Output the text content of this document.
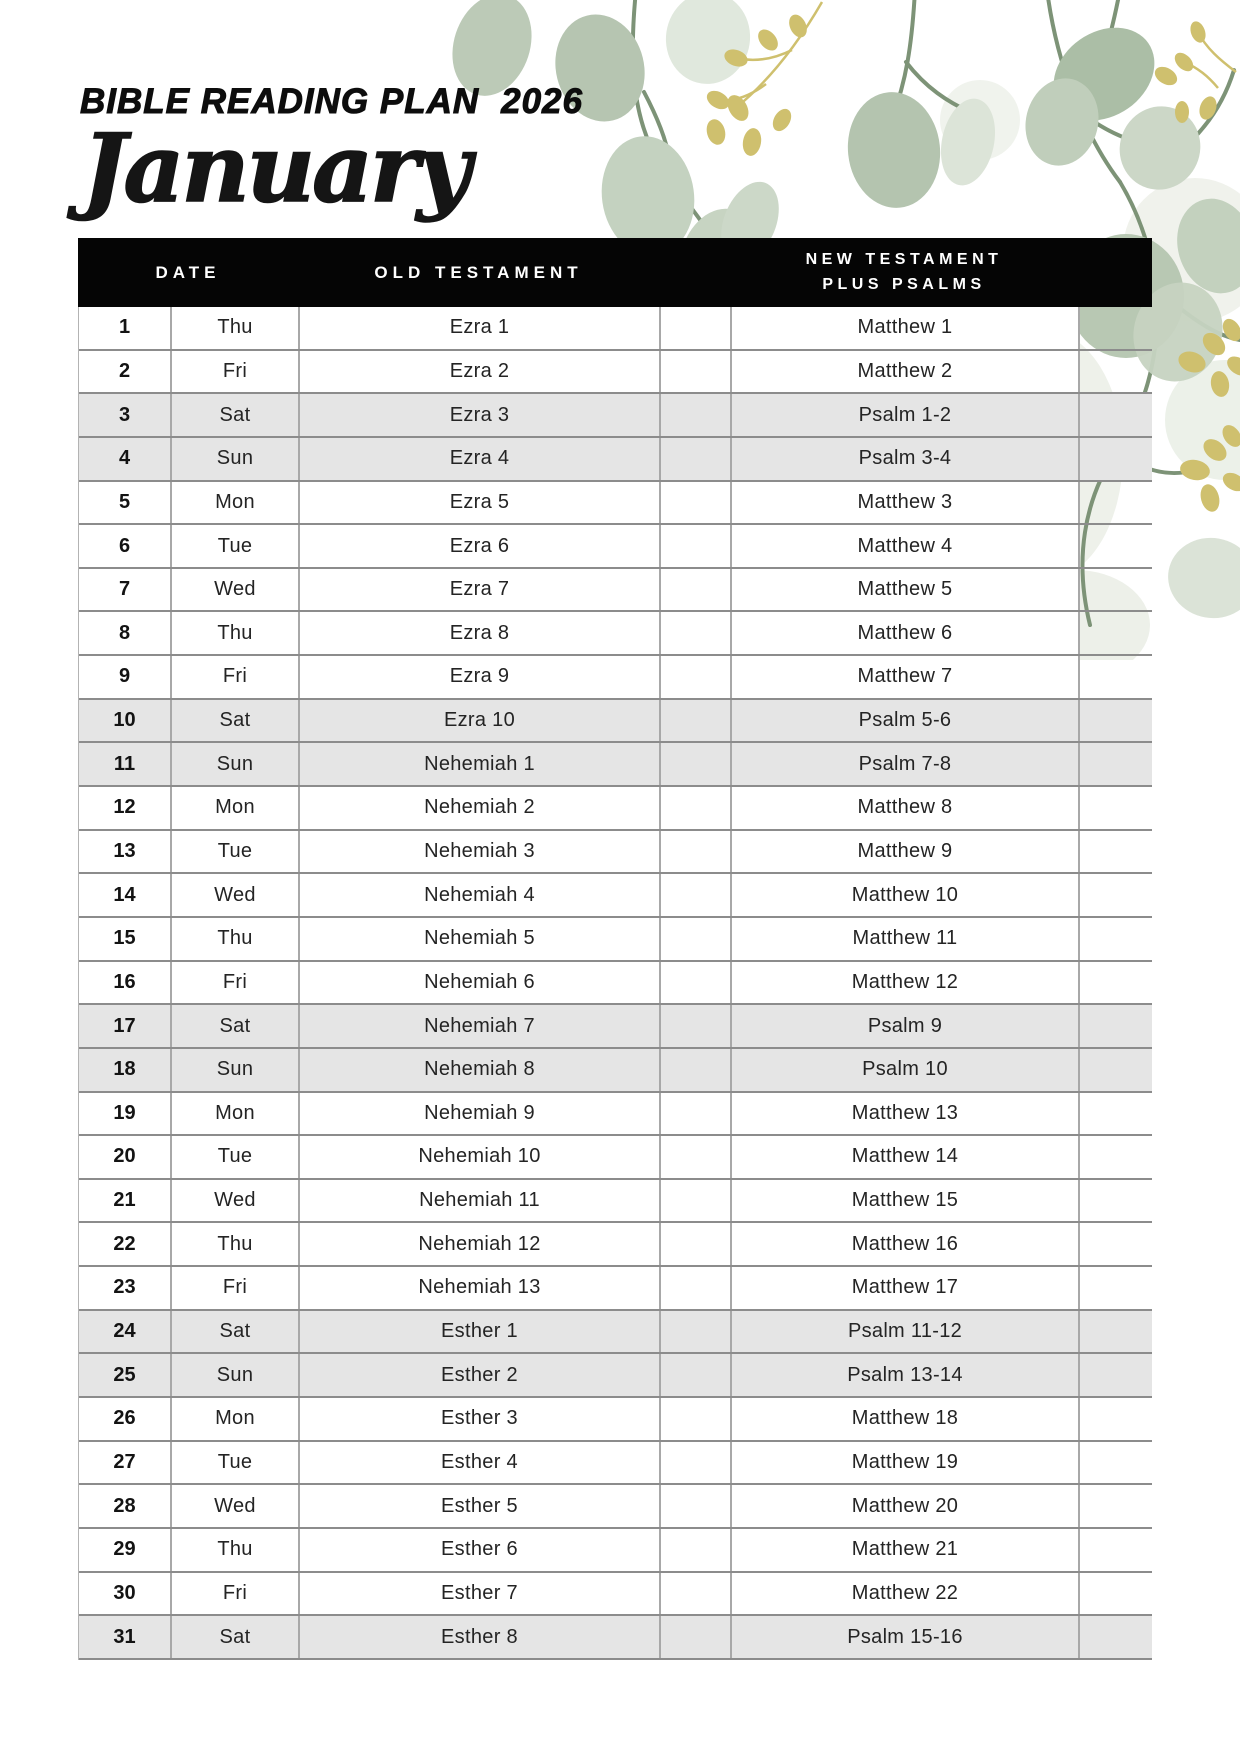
BIBLE READING PLAN 2026
January
DATE	OLD TESTAMENT
NEW TESTAMENT
PLUS PSALMS
1	Thu	Ezra 1	Matthew 1
2	Fri	Ezra 2	Matthew 2
3	Sat	Ezra 3	Psalm 1-2
4	Sun	Ezra 4	Psalm 3-4
5	Mon	Ezra 5	Matthew 3
6	Tue	Ezra 6	Matthew 4
7	Wed	Ezra 7	Matthew 5
8	Thu	Ezra 8	Matthew 6
9	Fri	Ezra 9	Matthew 7
10	Sat	Ezra 10	Psalm 5-6
11	Sun	Nehemiah 1	Psalm 7-8
12	Mon	Nehemiah 2	Matthew 8
13	Tue	Nehemiah 3	Matthew 9
14	Wed	Nehemiah 4	Matthew 10
15	Thu	Nehemiah 5	Matthew 11
16	Fri	Nehemiah 6	Matthew 12
17	Sat	Nehemiah 7	Psalm 9
18	Sun	Nehemiah 8	Psalm 10
19	Mon	Nehemiah 9	Matthew 13
20	Tue	Nehemiah 10	Matthew 14
21	Wed	Nehemiah 11	Matthew 15
22	Thu	Nehemiah 12	Matthew 16
23	Fri	Nehemiah 13	Matthew 17
24	Sat	Esther 1	Psalm 11-12
25	Sun	Esther 2	Psalm 13-14
26	Mon	Esther 3	Matthew 18
27	Tue	Esther 4	Matthew 19
28	Wed	Esther 5	Matthew 20
29	Thu	Esther 6	Matthew 21
30	Fri	Esther 7	Matthew 22
31	Sat	Esther 8	Psalm 15-16
